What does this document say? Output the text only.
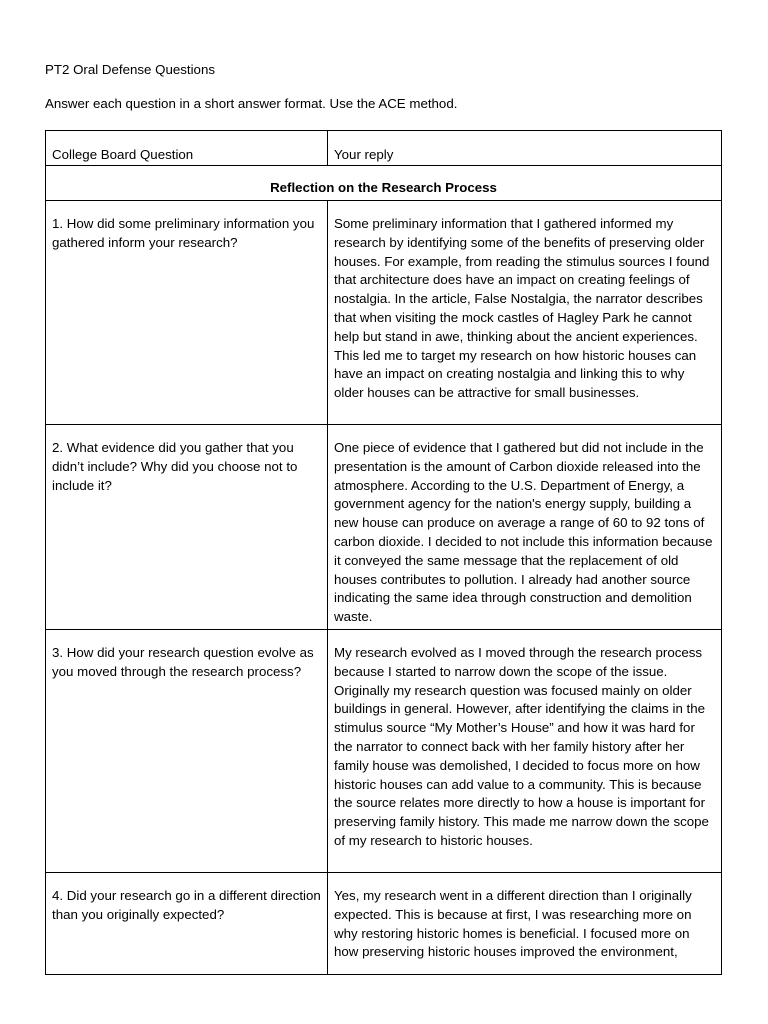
PT2 Oral Defense Questions
Answer each question in a short answer format. Use the ACE method.
College Board Question	Your reply
Reflection on the Research Process	
1. How did some preliminary information you gathered inform your research?	Some preliminary information that I gathered informed my research by identifying some of the benefits of preserving older houses. For example, from reading the stimulus sources I found that architecture does have an impact on creating feelings of nostalgia. In the article, False Nostalgia, the narrator describes that when visiting the mock castles of Hagley Park he cannot help but stand in awe, thinking about the ancient experiences. This led me to target my research on how historic houses can have an impact on creating nostalgia and linking this to why older houses can be attractive for small businesses.
2. What evidence did you gather that you didn’t include? Why did you choose not to include it?	One piece of evidence that I gathered but did not include in the presentation is the amount of Carbon dioxide released into the atmosphere. According to the U.S. Department of Energy, a government agency for the nation's energy supply, building a new house can produce on average a range of 60 to 92 tons of carbon dioxide. I decided to not include this information because it conveyed the same message that the replacement of old houses contributes to pollution. I already had another source indicating the same idea through construction and demolition waste.
3. How did your research question evolve as you moved through the research process?	My research evolved as I moved through the research process because I started to narrow down the scope of the issue. Originally my research question was focused mainly on older buildings in general. However, after identifying the claims in the stimulus source “My Mother’s House” and how it was hard for the narrator to connect back with her family history after her family house was demolished, I decided to focus more on how historic houses can add value to a community. This is because the source relates more directly to how a house is important for preserving family history. This made me narrow down the scope of my research to historic houses.
4. Did your research go in a different direction than you originally expected?	Yes, my research went in a different direction than I originally expected. This is because at first, I was researching more on why restoring historic homes is beneficial. I focused more on how preserving historic houses improved the environment,
